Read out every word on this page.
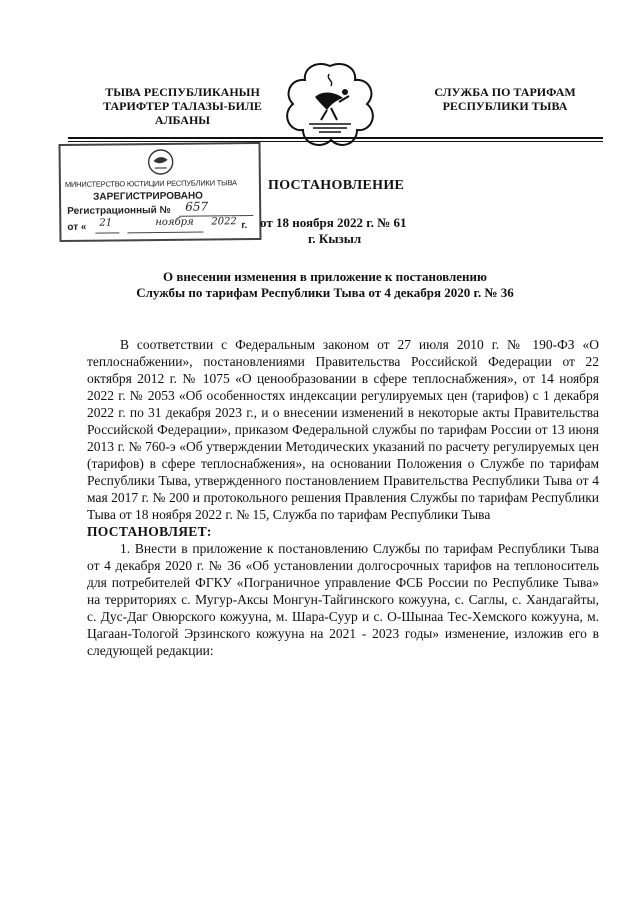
ТЫВА РЕСПУБЛИКАНЫН
ТАРИФТЕР ТАЛАЗЫ-БИЛЕ
АЛБАНЫ
СЛУЖБА ПО ТАРИФАМ
РЕСПУБЛИКИ ТЫВА
МИНИСТЕРСТВО ЮСТИЦИИ РЕСПУБЛИКИ ТЫВА
ЗАРЕГИСТРИРОВАНО
Регистрационный № 657
от « 21	ноября 2022 г.
ПОСТАНОВЛЕНИЕ
от 18 ноября 2022 г. № 61
г. Кызыл
О внесении изменения в приложение к постановлению
Службы по тарифам Республики Тыва от 4 декабря 2020 г. № 36

В соответствии с Федеральным законом от 27 июля 2010 г. № 190-ФЗ «О теплоснабжении», постановлениями Правительства Российской Федерации от 22 октября 2012 г. № 1075 «О ценообразовании в сфере теплоснабжения», от 14 ноября 2022 г. № 2053 «Об особенностях индексации регулируемых цен (тарифов) с 1 декабря 2022 г. по 31 декабря 2023 г., и о внесении изменений в некоторые акты Правительства Российской Федерации», приказом Федеральной службы по тарифам России от 13 июня 2013 г. № 760-э «Об утверждении Методических указаний по расчету регулируемых цен (тарифов) в сфере теплоснабжения», на основании Положения о Службе по тарифам Республики Тыва, утвержденного постановлением Правительства Республики Тыва от 4 мая 2017 г. № 200 и протокольного решения Правления Службы по тарифам Республики Тыва от 18 ноября 2022 г. № 15, Служба по тарифам Республики Тыва

ПОСТАНОВЛЯЕТ:

1. Внести в приложение к постановлению Службы по тарифам Республики Тыва от 4 декабря 2020 г. № 36 «Об установлении долгосрочных тарифов на теплоноситель для потребителей ФГКУ «Пограничное управление ФСБ России по Республике Тыва» на территориях с. Мугур-Аксы Монгун-Тайгинского кожууна, с. Саглы, с. Хандагайты, с. Дус-Даг Овюрского кожууна, м. Шара-Суур и с. О-Шынаа Тес-Хемского кожууна, м. Цагаан-Тологой Эрзинского кожууна на 2021 - 2023 годы» изменение, изложив его в следующей редакции:
